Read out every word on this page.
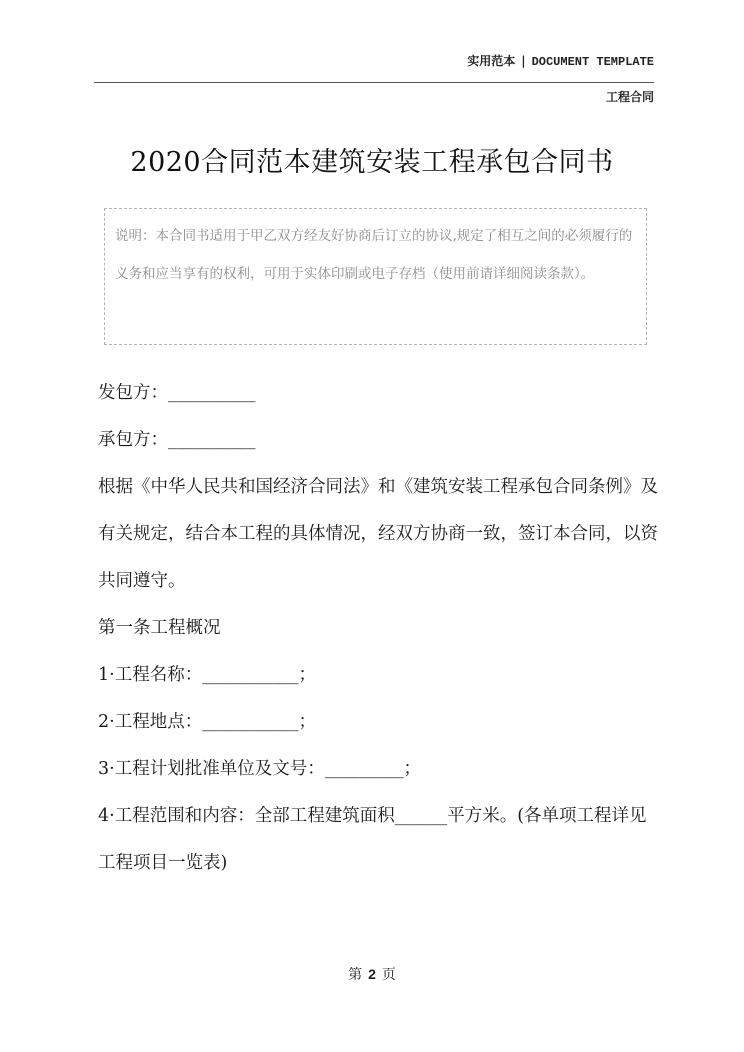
实用范本 | DOCUMENT TEMPLATE
工程合同
2020合同范本建筑安装工程承包合同书
说明：本合同书适用于甲乙双方经友好协商后订立的协议,规定了相互之间的必须履行的义务和应当享有的权利，可用于实体印刷或电子存档（使用前请详细阅读条款）。

发包方：__________

承包方：__________

根据《中华人民共和国经济合同法》和《建筑安装工程承包合同条例》及有关规定，结合本工程的具体情况，经双方协商一致，签订本合同，以资共同遵守。

第一条工程概况

1·工程名称：___________；

2·工程地点：___________；

3·工程计划批准单位及文号：_________；

4·工程范围和内容：全部工程建筑面积______平方米。(各单项工程详见工程项目一览表)

第 2 页
